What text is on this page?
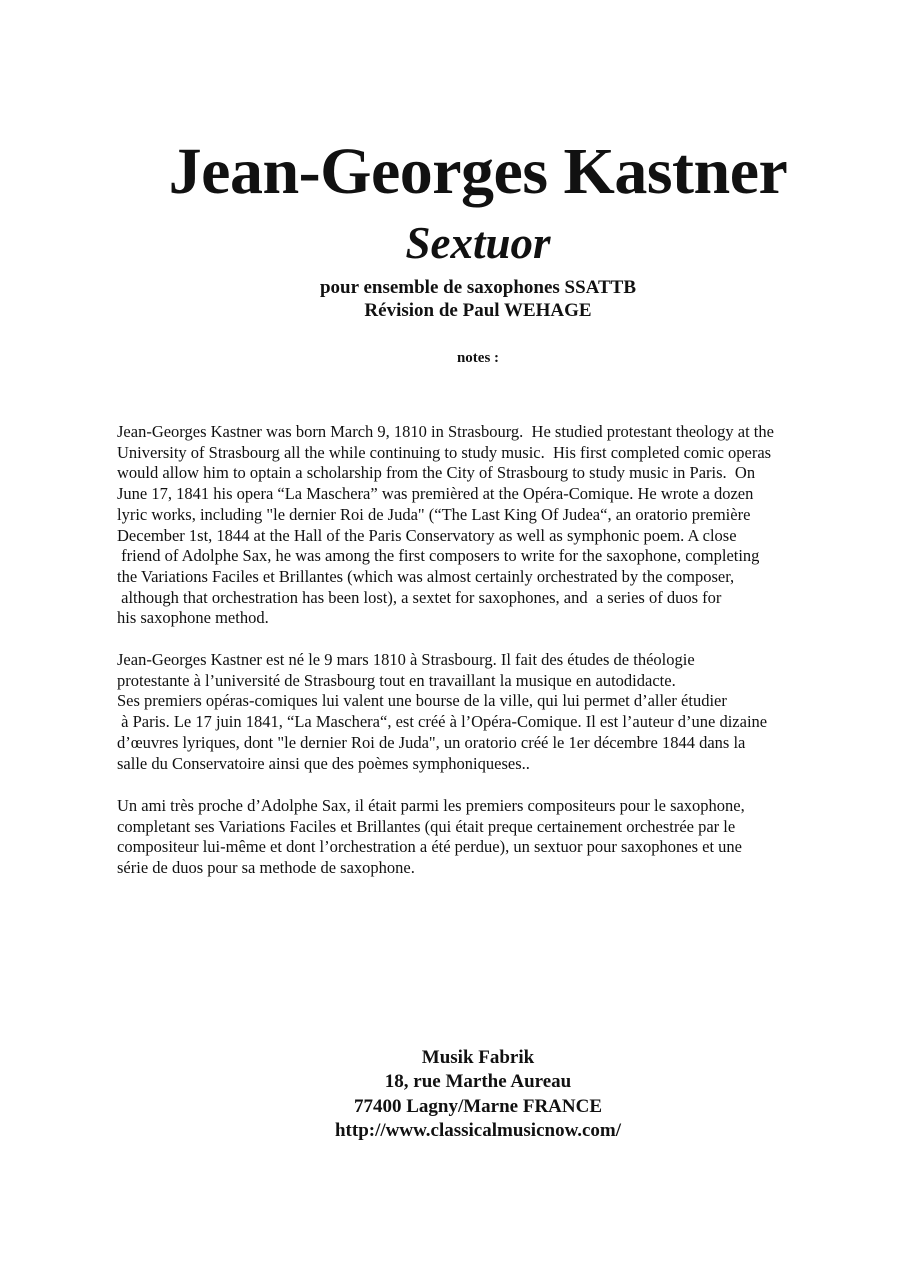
Jean-Georges Kastner
Sextuor
pour ensemble de saxophones SSATTB
Révision de Paul WEHAGE
notes :

Jean-Georges Kastner was born March 9, 1810 in Strasbourg.  He studied protestant theology at the
University of Strasbourg all the while continuing to study music.  His first completed comic operas
would allow him to optain a scholarship from the City of Strasbourg to study music in Paris.  On
June 17, 1841 his opera “La Maschera” was premièred at the Opéra-Comique. He wrote a dozen
lyric works, including "le dernier Roi de Juda" (“The Last King Of Judea“, an oratorio première
December 1st, 1844 at the Hall of the Paris Conservatory as well as symphonic poem. A close
friend of Adolphe Sax, he was among the first composers to write for the saxophone, completing
the Variations Faciles et Brillantes (which was almost certainly orchestrated by the composer,
although that orchestration has been lost), a sextet for saxophones, and  a series of duos for
his saxophone method.

Jean-Georges Kastner est né le 9 mars 1810 à Strasbourg. Il fait des études de théologie
protestante à l’université de Strasbourg tout en travaillant la musique en autodidacte.
Ses premiers opéras-comiques lui valent une bourse de la ville, qui lui permet d’aller étudier
à Paris. Le 17 juin 1841, “La Maschera“, est créé à l’Opéra-Comique. Il est l’auteur d’une dizaine
d’œuvres lyriques, dont "le dernier Roi de Juda", un oratorio créé le 1er décembre 1844 dans la
salle du Conservatoire ainsi que des poèmes symphoniqueses..

Un ami très proche d’Adolphe Sax, il était parmi les premiers compositeurs pour le saxophone,
completant ses Variations Faciles et Brillantes (qui était preque certainement orchestrée par le
compositeur lui-même et dont l’orchestration a été perdue), un sextuor pour saxophones et une
série de duos pour sa methode de saxophone.

Musik Fabrik
18, rue Marthe Aureau
77400 Lagny/Marne FRANCE
http://www.classicalmusicnow.com/
